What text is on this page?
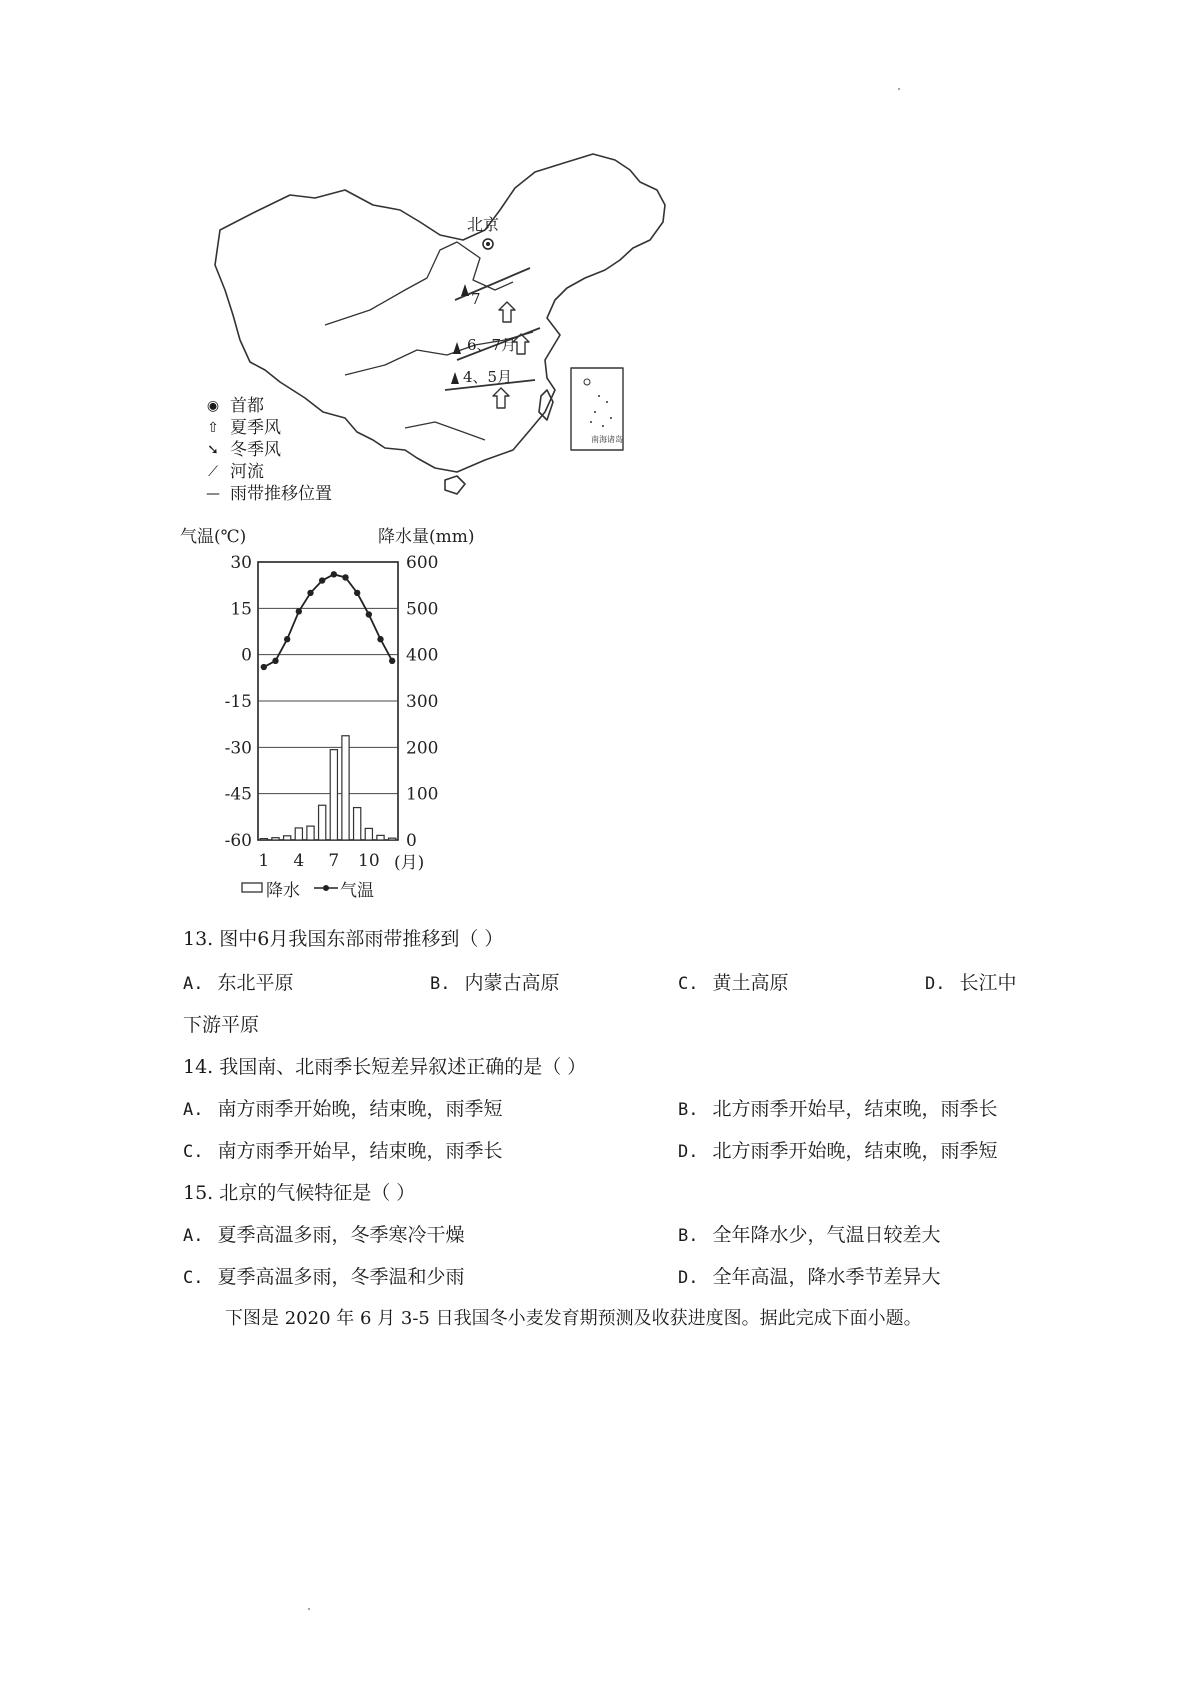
北京
7
6、7月
4、5月
南海诸岛
◉ 首都
⇧ 夏季风
➘ 冬季风
⟋ 河流
— 雨带推移位置
气温(℃)	降水量(mm)
30
15
0
-15
-30
-45
-60
600
500
400
300
200
100
0
1 4 7 10 (月)
降水 气温
13. 图中6月我国东部雨带推移到（ ）
A. 东北平原	B. 内蒙古高原	C. 黄土高原	D. 长江中
下游平原
14. 我国南、北雨季长短差异叙述正确的是（ ）
A. 南方雨季开始晚，结束晚，雨季短	B. 北方雨季开始早，结束晚，雨季长
C. 南方雨季开始早，结束晚，雨季长	D. 北方雨季开始晚，结束晚，雨季短
15. 北京的气候特征是（ ）
A. 夏季高温多雨，冬季寒冷干燥	B. 全年降水少，气温日较差大
C. 夏季高温多雨，冬季温和少雨	D. 全年高温，降水季节差异大
下图是 2020 年 6 月 3-5 日我国冬小麦发育期预测及收获进度图。据此完成下面小题。
